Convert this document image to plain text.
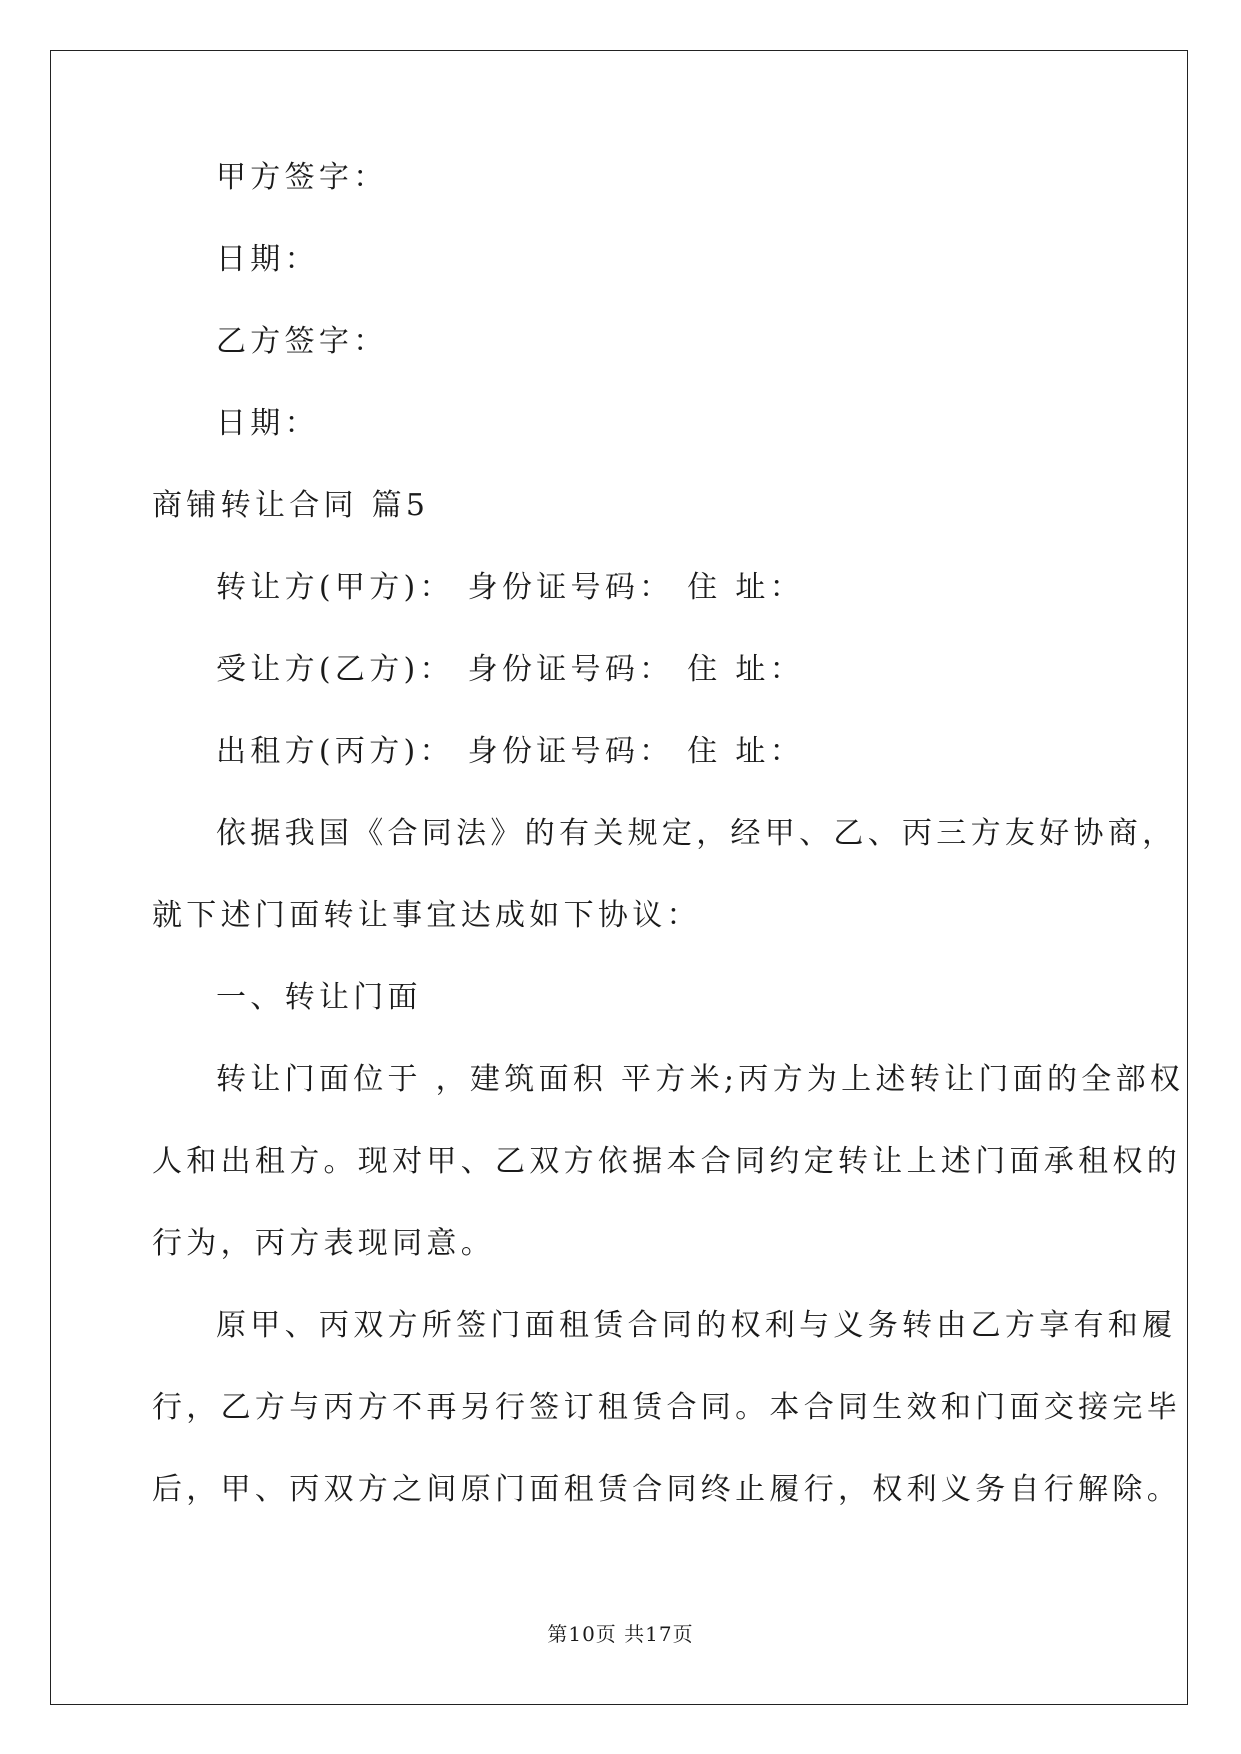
甲方签字：
日期：
乙方签字：
日期：
商铺转让合同 篇5
转让方(甲方)： 身份证号码： 住 址：
受让方(乙方)： 身份证号码： 住 址：
出租方(丙方)： 身份证号码： 住 址：
依据我国《合同法》的有关规定，经甲、乙、丙三方友好协商，
就下述门面转让事宜达成如下协议：
一、转让门面
转让门面位于 ，建筑面积 平方米;丙方为上述转让门面的全部权
人和出租方。现对甲、乙双方依据本合同约定转让上述门面承租权的
行为，丙方表现同意。
原甲、丙双方所签门面租赁合同的权利与义务转由乙方享有和履
行，乙方与丙方不再另行签订租赁合同。本合同生效和门面交接完毕
后，甲、丙双方之间原门面租赁合同终止履行，权利义务自行解除。
第10页 共17页
